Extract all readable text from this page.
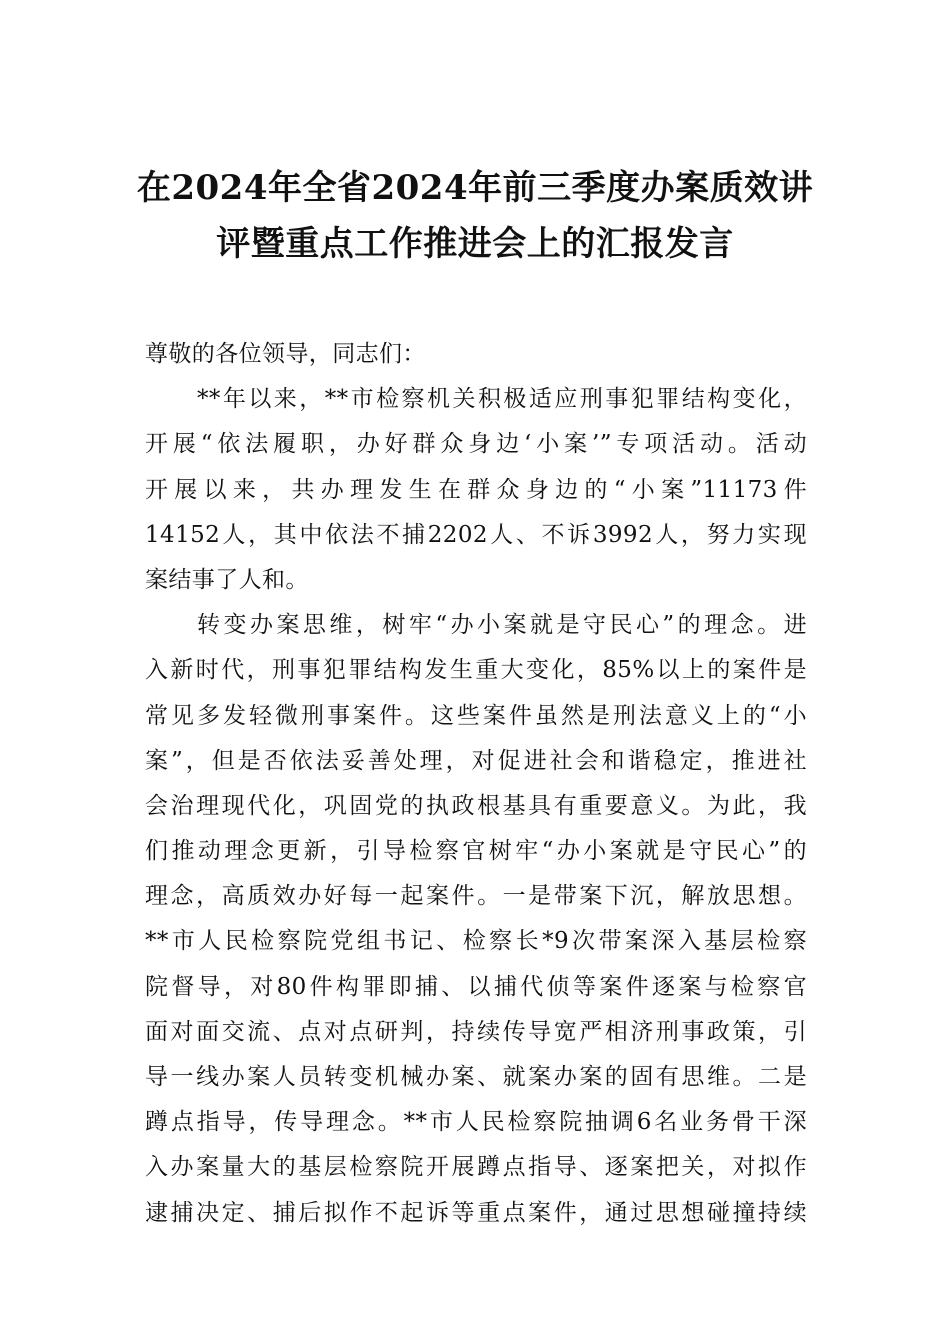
在2024年全省2024年前三季度办案质效讲
评暨重点工作推进会上的汇报发言
尊敬的各位领导，同志们：
**年以来，**市检察机关积极适应刑事犯罪结构变化，
开展“依法履职，办好群众身边‘小案’”专项活动。活动
开展以来，共办理发生在群众身边的“小案”11173件
14152人，其中依法不捕2202人、不诉3992人，努力实现
案结事了人和。
转变办案思维，树牢“办小案就是守民心”的理念。进
入新时代，刑事犯罪结构发生重大变化，85%以上的案件是
常见多发轻微刑事案件。这些案件虽然是刑法意义上的“小
案”，但是否依法妥善处理，对促进社会和谐稳定，推进社
会治理现代化，巩固党的执政根基具有重要意义。为此，我
们推动理念更新，引导检察官树牢“办小案就是守民心”的
理念，高质效办好每一起案件。一是带案下沉，解放思想。
**市人民检察院党组书记、检察长*9次带案深入基层检察
院督导，对80件构罪即捕、以捕代侦等案件逐案与检察官
面对面交流、点对点研判，持续传导宽严相济刑事政策，引
导一线办案人员转变机械办案、就案办案的固有思维。二是
蹲点指导，传导理念。**市人民检察院抽调6名业务骨干深
入办案量大的基层检察院开展蹲点指导、逐案把关，对拟作
逮捕决定、捕后拟作不起诉等重点案件，通过思想碰撞持续
